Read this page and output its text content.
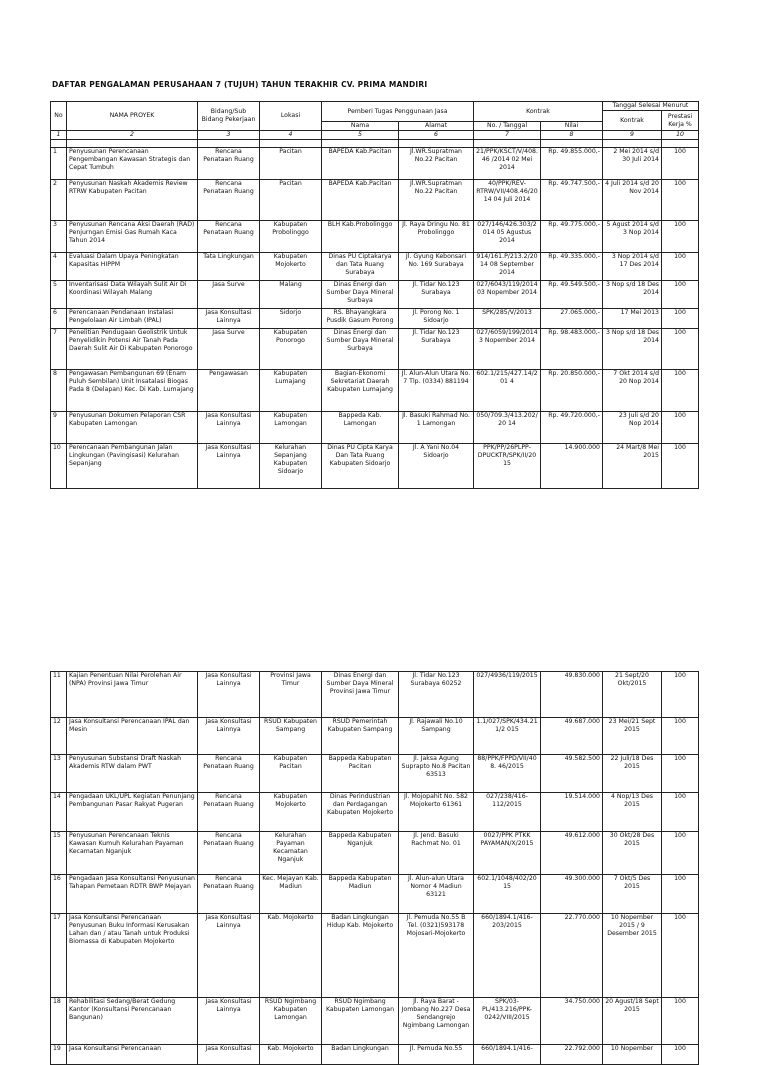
DAFTAR PENGALAMAN PERUSAHAAN 7 (TUJUH) TAHUN TERAKHIR CV. PRIMA MANDIRI
No	NAMA PROYEK	Bidang/Sub Bidang Pekerjaan	Lokasi	Pemberi Tugas Penggunaan Jasa		Kontrak		Tanggal Selesai Menurut	
								Kontrak	Prestasi Kerja %
				Nama	Alamat	No. / Tanggal	Nilai		
1	2	3	4	5	6	7	8	9	10

1	Penyusunan Perencanaan Pengembangan Kawasan Strategis dan Cepat Tumbuh	Rencana Penataan Ruang	Pacitan	BAPEDA Kab.Pacitan	Jl.WR.Supratman No.22 Pacitan	21/PPK/KSCT/V/408.46 /2014 02 Mei 2014	Rp. 49.855.000,-	2 Mei 2014 s/d 30 Juli 2014	100
2	Penyusunan Naskah Akademis Review RTRW Kabupaten Pacitan	Rencana Penataan Ruang	Pacitan	BAPEDA Kab.Pacitan	Jl.WR.Supratman No.22 Pacitan	40/PPK/REV-RTRW/VII/408.46/2014 04 Juli 2014	Rp. 49.747.500,-	4 Juli 2014 s/d 20 Nov 2014	100
3	Penyusunan Rencana Aksi Daerah (RAD) Penjurngan Emisi Gas Rumah Kaca Tahun 2014	Rencana Penataan Ruang	Kabupaten Probolinggo	BLH Kab.Probolinggo	Jl. Raya Dringu No. 81 Probolinggo	027/146/426.303/2014 05 Agustus 2014	Rp. 49.775.000,-	5 Agust 2014 s/d 3 Nop 2014	100
4	Evaluasi Dalam Upaya Peningkatan Kapasitas HIPPM	Tata Lingkungan	Kabupaten Mojokerto	Dinas PU Ciptakarya dan Tata Ruang Surabaya	Jl. Gyung Kebonsari No. 169 Surabaya	914/161.P/213.2/2014 08 September 2014	Rp. 49.335.000,-	3 Nop 2014 s/d 17 Des 2014	100
5	Inventarisasi Data Wilayah Sulit Air Di Koordinasi Wilayah Malang	Jasa Surve	Malang	Dinas Energi dan Sumber Daya Mineral Surbaya	Jl. Tidar No.123 Surabaya	027/6043/119/2014 03 Nopember 2014	Rp. 49.549.500,-	3 Nop s/d 18 Des 2014	100
6	Perencanaan Pendanaan Instalasi Pengelolaan Air Limbah (IPAL)	Jasa Konsultasi Lainnya	Sidorjo	RS. Bhayangkara Pusdik Gasum Porong	Jl. Porong No. 1 Sidoarjo	SPK/285/V/2013	27.065.000,-	17 Mei 2013	100
7	Penelitian Pendugaan Geolistrik Untuk Penyelidikin Potensi Air Tanah Pada Daerah Sulit Air Di Kabupaten Ponorogo	Jasa Surve	Kabupaten Ponorogo	Dinas Energi dan Sumber Daya Mineral Surbaya	Jl. Tidar No.123 Surabaya	027/6059/199/2014 3 Nopember 2014	Rp. 98.483.000,-	3 Nop s/d 18 Des 2014	100
8	Pengawasan Pembangunan 69 (Enam Puluh Sembilan) Unit Insatalasi Biogas Pada 8 (Delapan) Kec. Di Kab. Lumajang	Pengawasan	Kabupaten Lumajang	Bagian-Ekonomi Sekretariat Daerah Kabupaten Lumajang	Jl. Alun-Alun Utara No. 7 Tlp. (0334) 881194	602.1/215/427.14/201 4	Rp. 20.850.000,-	7 Okt 2014 s/d 20 Nop 2014	100
9	Penyusunan Dokumen Pelaporan CSR Kabupaten Lamongan	Jasa Konsultasi Lainnya	Kabupaten Lamongan	Bappeda Kab. Lamongan	Jl. Basuki Rahmad No. 1 Lamongan	050/709.3/413.202/20 14	Rp. 49.720.000,-	23 Juli s/d 20 Nop 2014	100
10	Perencanaan Pembangunan Jalan Lingkungan (Pavingisasi) Kelurahan Sepanjang	Jasa Konsultasi Lainnya	Kelurahan Sepanjang Kabupaten Sidoarjo	Dinas PU Cipta Karya Dan Tata Ruang Kabupaten Sidoarjo	Jl. A Yani No.04 Sidoarjo	PPK/PP/26PLPP-DPUCKTR/SPK/II/2015	14.900.000	24 Mart/8 Mei 2015	100
11	Kajian Penentuan Nilai Perolehan Air (NPA) Provinsi Jawa Timur	Jasa Konsultasi Lainnya	Provinsi Jawa Timur	Dinas Energi dan Sumber Daya Mineral Provinsi Jawa Timur	Jl. Tidar No.123 Surabaya 60252	027/4936/119/2015	49.830.000	21 Sept/20 Okt/2015	100
12	Jasa Konsultansi Perencanaan IPAL dan Mesin	Jasa Konsultasi Lainnya	RSUD Kabupaten Sampang	RSUD Pemerintah Kabupaten Sampang	Jl. Rajawali No.10 Sampang	1.1/027/SPK/434.211/2 015	49.687.000	23 Mei/21 Sept 2015	100
13	Penyusunan Substansi Draft Naskah Akademis RTW dalam PWT	Rencana Penataan Ruang	Kabupaten Pacitan	Bappeda Kabupaten Pacitan	Jl. Jaksa Agung Suprapto No.8 Pacitan 63513	88/PPK/FPPD/VII/408. 46/2015	49.582.500	22 Juli/18 Des 2015	100
14	Pengadaan UKL/UPL Kegiatan Penunjang Pembangunan Pasar Rakyat Pugeran	Rencana Penataan Ruang	Kabupaten Mojokerto	Dinas Perindustrian dan Perdagangan Kabupaten Mojokerto	Jl. Mojopahit No. 582 Mojokerto 61361	027/238/416-112/2015	19.514.000	4 Nop/13 Des 2015	100
15	Penyusunan Perencanaan Teknis Kawasan Kumuh Kelurahan Payaman Kecamatan Nganjuk	Rencana Penataan Ruang	Kelurahan Payaman Kecamatan Nganjuk	Bappeda Kabupaten Nganjuk	Jl. Jend. Basuki Rachmat No. 01	0027/PPK PTKK PAYAMAN/X/2015	49.612.000	30 Okt/28 Des 2015	100
16	Pengadaan Jasa Konsultansi Penyusunan Tahapan Pemetaan RDTR BWP Mejayan	Rencana Penataan Ruang	Kec. Mejayan Kab. Madiun	Bappeda Kabupaten Madiun	Jl. Alun-alun Utara Nomor 4 Madiun 63121	602.1/1048/402/2015	49.300.000	7 Okt/5 Des 2015	100
17	Jasa Konsultansi Perencanaan Penyusunan Buku Informasi Kerusakan Lahan dan / atau Tanah untuk Produksi Biomassa di Kabupaten Mojokerto	Jasa Konsultasi Lainnya	Kab. Mojokerto	Badan Lingkungan Hidup Kab. Mojokerto	Jl. Pemuda No.55 B Tel. (0321)593178 Mojosari-Mojokerto	660/1894.1/416-203/2015	22.770.000	10 Nopember 2015 / 9 Desember 2015	100
18	Rehabilitasi Sedang/Berat Gedung Kantor (Konsultansi Perencanaan Bangunan)	Jasa Konsultasi Lainnya	RSUD Ngimbang Kabupaten Lamongan	RSUD Ngimbang Kabupaten Lamongan	Jl. Raya Barat - Jombang No.227 Desa Sendangrejo Ngimbang Lamongan	SPK/03-PL/413.216/PPK-0242/VIII/2015	34.750.000	20 Agust/18 Sept 2015	100
19	Jasa Konsultansi Perencanaan	Jasa Konsultasi	Kab. Mojokerto	Badan Lingkungan	Jl. Pemuda No.55	660/1894.1/416-	22.792.000	10 Nopember	100
